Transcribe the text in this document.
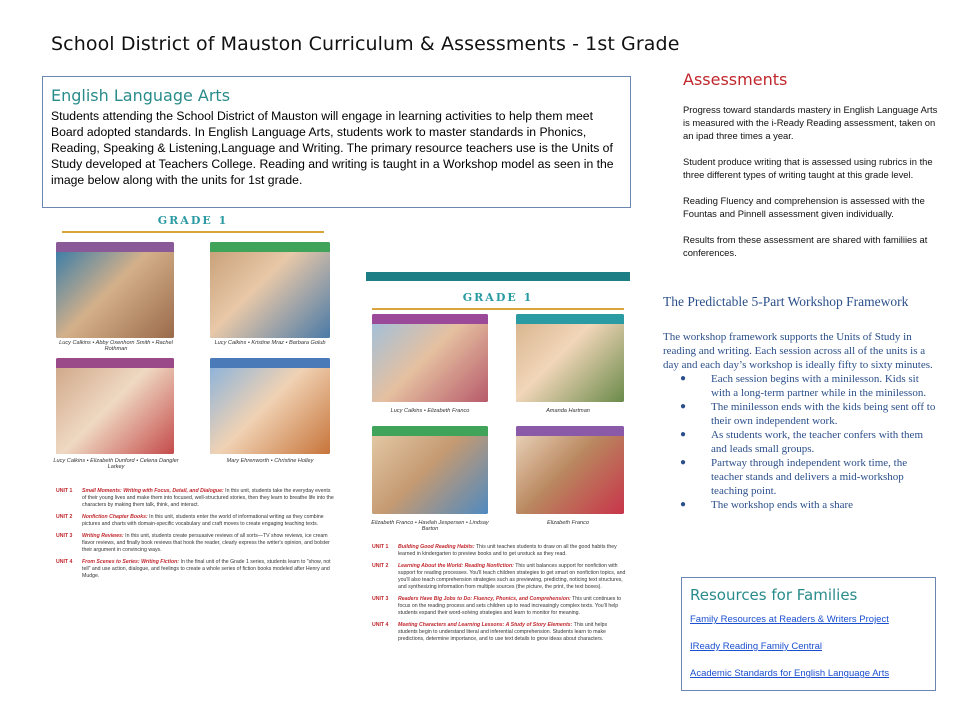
School District of Mauston Curriculum & Assessments - 1st Grade
English Language Arts
Students attending the School District of Mauston will engage in learning activities to help them meet Board adopted standards. In English Language Arts, students work to master standards in Phonics, Reading, Speaking & Listening,Language and Writing. The primary resource teachers use is the Units of Study developed at Teachers College. Reading and writing is taught in a Workshop model as seen in the image below along with the units for 1st grade.
GRADE 1
Lucy Calkins • Abby Oxenhorn Smith • Rachel Rothman
Lucy Calkins • Kristine Mraz • Barbara Golub
Lucy Calkins • Elizabeth Dunford • Celena Dangler Larkey
Mary Ehrenworth • Christine Holley
UNIT 1	Small Moments: Writing with Focus, Detail, and Dialogue: In this unit, students take the everyday events of their young lives and make them into focused, well-structured stories, then they learn to breathe life into the characters by making them talk, think, and interact.
UNIT 2	Nonfiction Chapter Books: In this unit, students enter the world of informational writing as they combine pictures and charts with domain-specific vocabulary and craft moves to create engaging teaching texts.
UNIT 3	Writing Reviews: In this unit, students create persuasive reviews of all sorts—TV show reviews, ice cream flavor reviews, and finally book reviews that hook the reader, clearly express the writer's opinion, and bolster their argument in convincing ways.
UNIT 4	From Scenes to Series: Writing Fiction: In the final unit of the Grade 1 series, students learn to "show, not tell" and use action, dialogue, and feelings to create a whole series of fiction books modeled after Henry and Mudge.
GRADE 1
Lucy Calkins • Elizabeth Franco	Amanda Hartman
Elizabeth Franco • Havilah Jespersen • Lindsay Barton
Elizabeth Franco
UNIT 1	Building Good Reading Habits: This unit teaches students to draw on all the good habits they learned in kindergarten to preview books and to get unstuck as they read.
UNIT 2	Learning About the World: Reading Nonfiction: This unit balances support for nonfiction with support for reading processes. You'll teach children strategies to get smart on nonfiction topics, and you'll also teach comprehension strategies such as previewing, predicting, noticing text structures, and synthesizing information from multiple sources (the picture, the print, the text boxes).
UNIT 3	Readers Have Big Jobs to Do: Fluency, Phonics, and Comprehension: This unit continues to focus on the reading process and sets children up to read increasingly complex texts. You'll help students expand their word-solving strategies and learn to monitor for meaning.
UNIT 4	Meeting Characters and Learning Lessons: A Study of Story Elements: This unit helps students begin to understand literal and inferential comprehension. Students learn to make predictions, determine importance, and to use text details to grow ideas about characters.
Assessments

Progress toward standards mastery in English Language Arts is measured with the i-Ready Reading assessment, taken on an ipad three times a year.

Student produce writing that is assessed using rubrics in the three different types of writing taught at this grade level.

Reading Fluency and comprehension is assessed with the Fountas and Pinnell assessment given individually.

Results from these assessment are shared with familiies at conferences.

The Predictable 5-Part Workshop Framework
The workshop framework supports the Units of Study in reading and writing. Each session across all of the units is a day and each day’s workshop is ideally fifty to sixty minutes.
● Each session begins with a minilesson. Kids sit with a long-term partner while in the minilesson.
● The minilesson ends with the kids being sent off to their own independent work.
● As students work, the teacher confers with them and leads small groups.
● Partway through independent work time, the teacher stands and delivers a mid-workshop teaching point.
● The workshop ends with a share
Resources for Families
Family Resources at Readers & Writers Project
IReady Reading Family Central
Academic Standards for English Language Arts
